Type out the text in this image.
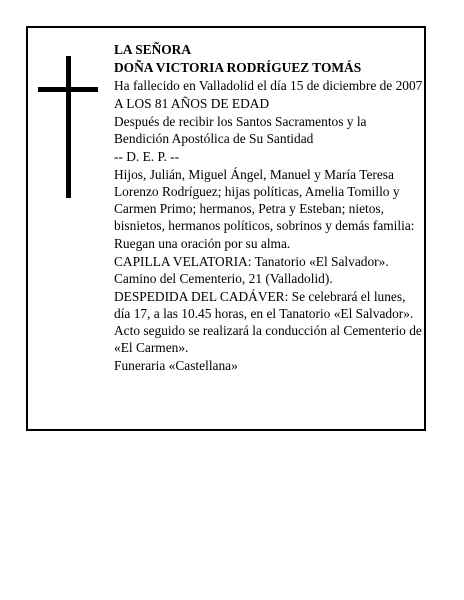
LA SEÑORA

DOÑA VICTORIA RODRÍGUEZ TOMÁS

Ha fallecido en Valladolid el día 15 de diciembre de 2007

A LOS 81 AÑOS DE EDAD

Después de recibir los Santos Sacramentos y la Bendición Apostólica de Su Santidad

-- D. E. P. --

Hijos, Julián, Miguel Ángel, Manuel y María Teresa Lorenzo Rodríguez; hijas políticas, Amelia Tomillo y Carmen Primo; hermanos, Petra y Esteban; nietos, bisnietos, hermanos políticos, sobrinos y demás familia:

Ruegan una oración por su alma.

CAPILLA VELATORIA: Tanatorio «El Salvador». Camino del Cementerio, 21 (Valladolid).

DESPEDIDA DEL CADÁVER: Se celebrará el lunes, día 17, a las 10.45 horas, en el Tanatorio «El Salvador». Acto seguido se realizará la conducción al Cementerio de «El Carmen».

Funeraria «Castellana»
